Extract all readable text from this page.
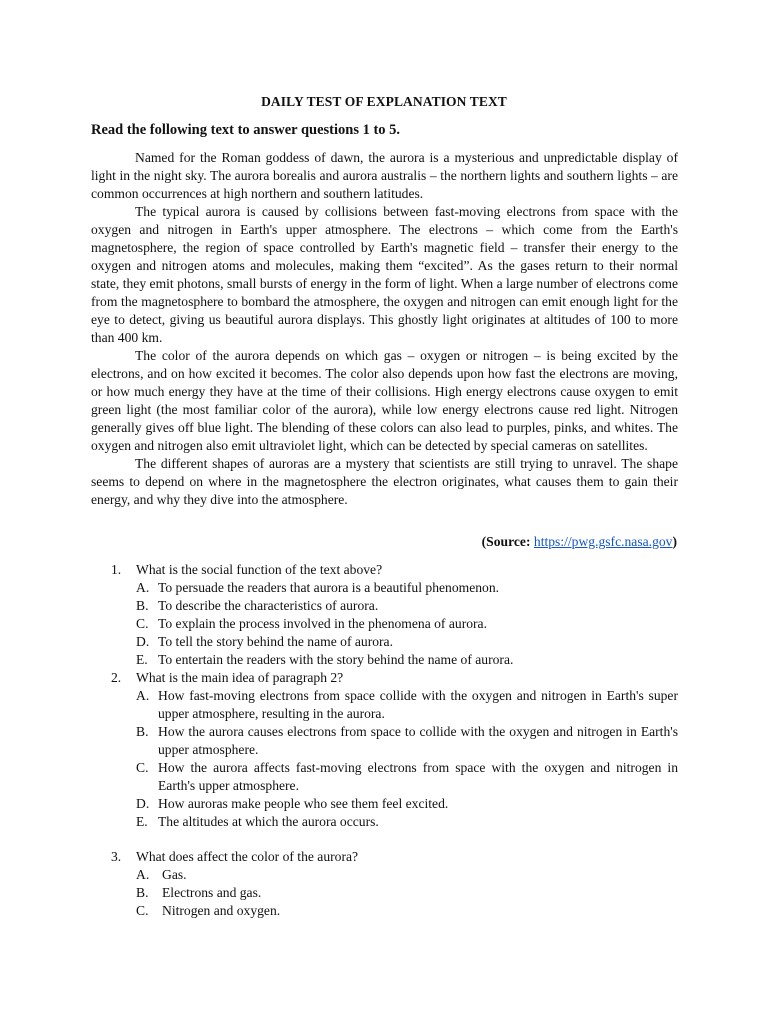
DAILY TEST OF EXPLANATION TEXT
Read the following text to answer questions 1 to 5.

Named for the Roman goddess of dawn, the aurora is a mysterious and unpredictable display of light in the night sky. The aurora borealis and aurora australis – the northern lights and southern lights – are common occurrences at high northern and southern latitudes.

The typical aurora is caused by collisions between fast-moving electrons from space with the oxygen and nitrogen in Earth's upper atmosphere. The electrons – which come from the Earth's magnetosphere, the region of space controlled by Earth's magnetic field – transfer their energy to the oxygen and nitrogen atoms and molecules, making them “excited”. As the gases return to their normal state, they emit photons, small bursts of energy in the form of light. When a large number of electrons come from the magnetosphere to bombard the atmosphere, the oxygen and nitrogen can emit enough light for the eye to detect, giving us beautiful aurora displays. This ghostly light originates at altitudes of 100 to more than 400 km.

The color of the aurora depends on which gas – oxygen or nitrogen – is being excited by the electrons, and on how excited it becomes. The color also depends upon how fast the electrons are moving, or how much energy they have at the time of their collisions. High energy electrons cause oxygen to emit green light (the most familiar color of the aurora), while low energy electrons cause red light. Nitrogen generally gives off blue light. The blending of these colors can also lead to purples, pinks, and whites. The oxygen and nitrogen also emit ultraviolet light, which can be detected by special cameras on satellites.

The different shapes of auroras are a mystery that scientists are still trying to unravel. The shape seems to depend on where in the magnetosphere the electron originates, what causes them to gain their energy, and why they dive into the atmosphere.

(Source: https://pwg.gsfc.nasa.gov)
1. What is the social function of the text above?
A. To persuade the readers that aurora is a beautiful phenomenon.
B. To describe the characteristics of aurora.
C. To explain the process involved in the phenomena of aurora.
D. To tell the story behind the name of aurora.
E. To entertain the readers with the story behind the name of aurora.
2. What is the main idea of paragraph 2?
A. How fast-moving electrons from space collide with the oxygen and nitrogen in Earth's super upper atmosphere, resulting in the aurora.
B. How the aurora causes electrons from space to collide with the oxygen and nitrogen in Earth's upper atmosphere.
C. How the aurora affects fast-moving electrons from space with the oxygen and nitrogen in Earth's upper atmosphere.
D. How auroras make people who see them feel excited.
E. The altitudes at which the aurora occurs.
3. What does affect the color of the aurora?
A. Gas.
B. Electrons and gas.
C. Nitrogen and oxygen.
